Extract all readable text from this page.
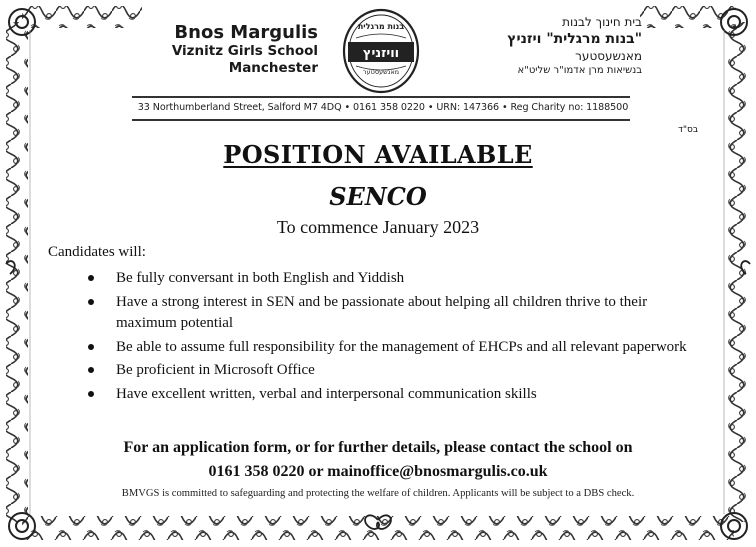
בנות מרגלית
וויזניץ
מאנשעסטער
Bnos Margulis
Viznitz Girls School
Manchester
בית חינוך לבנות
"בנות מרגלית" ויזניץ
מאנשעסטער
בנשיאות מרן אדמו"ר שליט"א
33 Northumberland Street, Salford M7 4DQ • 0161 358 0220 • URN: 147366 • Reg Charity no: 1188500
בס"ד
POSITION AVAILABLE
SENCO
To commence January 2023
Candidates will:
Be fully conversant in both English and Yiddish
Have a strong interest in SEN and be passionate about helping all children thrive to their maximum potential
Be able to assume full responsibility for the management of EHCPs and all relevant paperwork
Be proficient in Microsoft Office
Have excellent written, verbal and interpersonal communication skills
For an application form, or for further details, please contact the school on
0161 358 0220 or mainoffice@bnosmargulis.co.uk
BMVGS is committed to safeguarding and protecting the welfare of children. Applicants will be subject to a DBS check.
